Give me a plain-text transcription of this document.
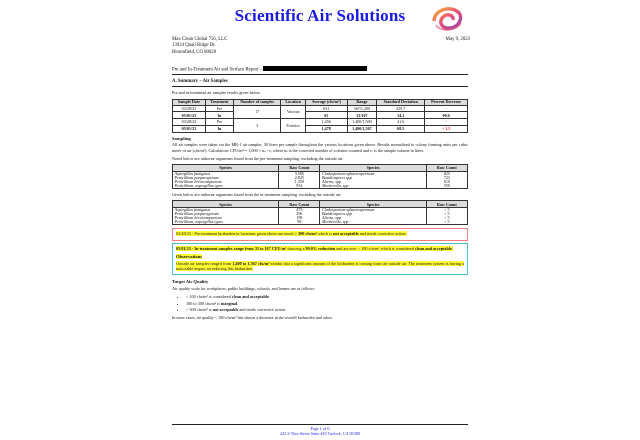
Scientific Air Solutions
Max Clean Global 756, LLC
13924 Quail Ridge Dr.
Bloomfield, CO 80020
May 9, 2023
Pre and In-Treatment Air and Surface Report –
A. Summary – Air Samples

Pre and in-treatment air samples results given below.

Sample Date	Treatment	Number of samples	Location	Average (cfu/m³)	Range	Standard Deviation	Percent Decrease
03/28/23	Pre	17	Various	631	367/1,200	229.7	-
05/01/23	In			65	33/167	34.1	90.0
03/28/23	Pre	3	Exterior	1,456	1,400/1,500	41.6	-
05/01/23	In			1,478	1,400/1,567	68.5	+ 1.5
Sampling

All air samples were taken via the MB-1 air sampler, 30 liters per sample throughout the various locations given above. Results normalized to colony forming units per cubic meter of air (cfu/m³). Calculation: CFU/m³ = 1,000 × nₛ / v, where nₛ is the corrected number of colonies counted and v, is the sample volume in liters.

Noted below are airborne organisms found from the pre-treatment sampling, excluding the outside air.

Species	Raw Count	Species	Raw Count
Aspergillus fumigatus	3,585	Cladosporium sphaerospermum	825
Penicillium purpurogenum	2,825	Basidiospores spp	723
Penicillium brevicompactum	1,350	Alteria, spp	610
Penicillium, aspergillus types	932	Mortierella, spp	550

Given below are airborne organisms found from the in-treatment sampling, excluding the outside air.

Species	Raw Count	Species	Raw Count
Aspergillus fumigatus	475	Cladosporium sphaerospermum	< 5
Penicillium purpurogenum	296	Basidiospores spp	< 5
Penicillium brevicompactum	198	Alteria, spp	< 5
Penicillium, aspergillus types	98	Mortierella, spp	< 5

03/28/23 - Pre-treatment bioburden in locations given above are much > 300 cfu/m³ which is not acceptable and needs corrective action.

05/01/23 - In-treatment samples range from 33 to 167 CFU/m³ showing a 90.0% reduction and are now < 100 cfu/m³ which is considered clean and acceptable.

Observations

Outside air samples ranged from 1,400 to 1,567 cfu/m³ exhibit that a significant amount of the bioburden is coming from the outside air. The treatment system is having a noticeable impact on reducing this bioburden.

Target Air Quality

Air quality scale for workplaces, public buildings, schools, and homes are as follows:

• < 100 cfu/m³ is considered clean and acceptable.
• 100 to 300 cfu/m³ is marginal.
• > 300 cfu/m³ is not acceptable and needs corrective action.

In most cases, air quality < 100 cfu/m³ has shown a decrease in the overall bioburden and odors.

Page 1 of 6
222 S Thor Street Suite #10 Turlock, CA 95380
